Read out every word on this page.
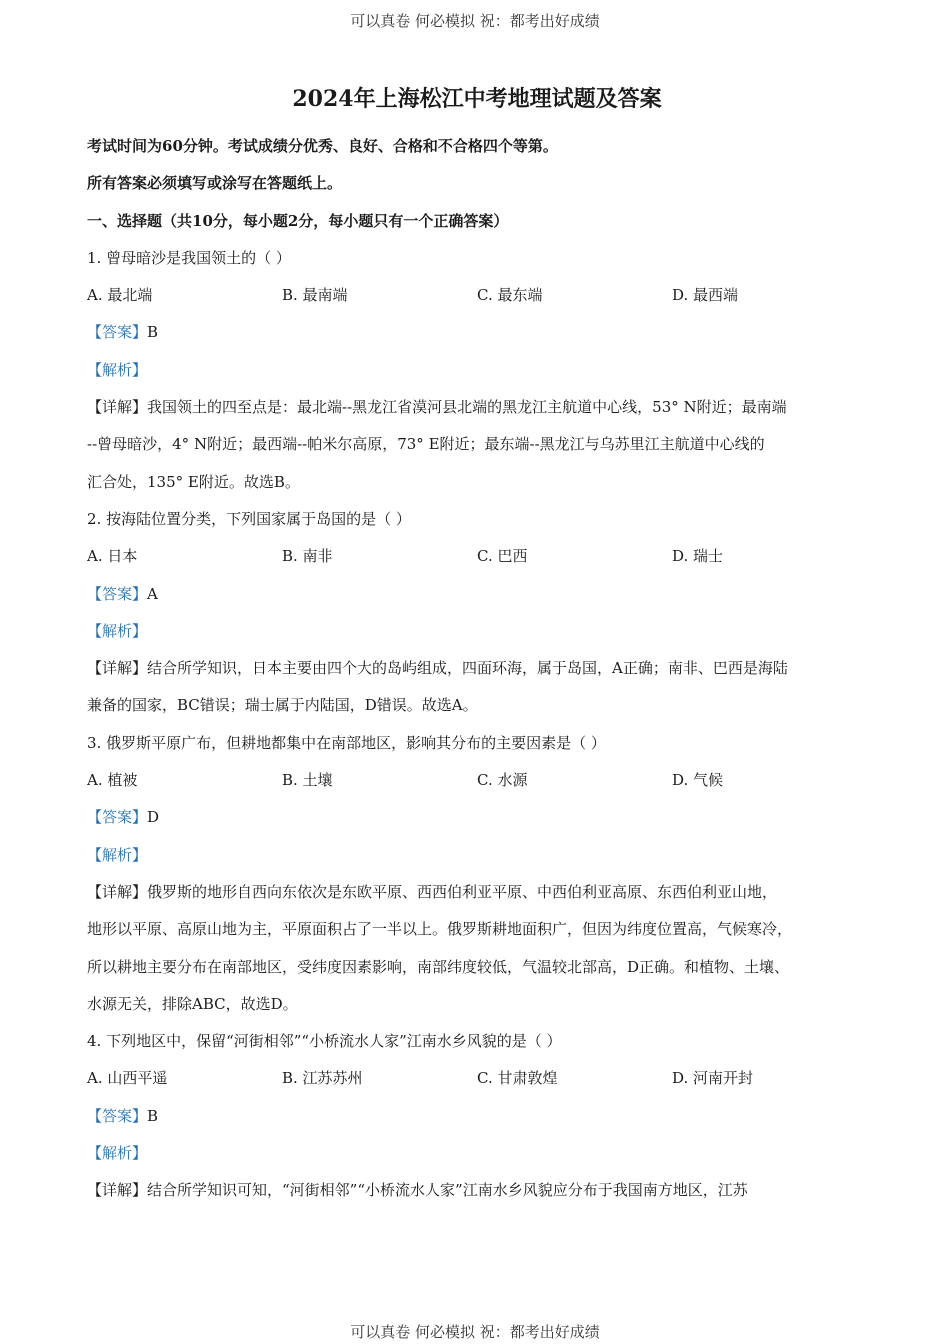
可以真卷 何必模拟 祝：都考出好成绩
2024年上海松江中考地理试题及答案
考试时间为60分钟。考试成绩分优秀、良好、合格和不合格四个等第。
所有答案必须填写或涂写在答题纸上。
一、选择题（共10分，每小题2分，每小题只有一个正确答案）
1. 曾母暗沙是我国领土的（ ）
A. 最北端	B. 最南端	C. 最东端	D. 最西端
【答案】B
【解析】
【详解】我国领土的四至点是：最北端--黑龙江省漠河县北端的黑龙江主航道中心线，53° N附近；最南端
--曾母暗沙，4° N附近；最西端--帕米尔高原，73° E附近；最东端--黑龙江与乌苏里江主航道中心线的
汇合处，135° E附近。故选B。
2. 按海陆位置分类，下列国家属于岛国的是（ ）
A. 日本	B. 南非	C. 巴西	D. 瑞士
【答案】A
【解析】
【详解】结合所学知识，日本主要由四个大的岛屿组成，四面环海，属于岛国，A正确；南非、巴西是海陆
兼备的国家，BC错误；瑞士属于内陆国，D错误。故选A。
3. 俄罗斯平原广布，但耕地都集中在南部地区，影响其分布的主要因素是（ ）
A. 植被	B. 土壤	C. 水源	D. 气候
【答案】D
【解析】
【详解】俄罗斯的地形自西向东依次是东欧平原、西西伯利亚平原、中西伯利亚高原、东西伯利亚山地，
地形以平原、高原山地为主，平原面积占了一半以上。俄罗斯耕地面积广，但因为纬度位置高，气候寒冷，
所以耕地主要分布在南部地区，受纬度因素影响，南部纬度较低，气温较北部高，D正确。和植物、土壤、
水源无关，排除ABC，故选D。
4. 下列地区中，保留“河街相邻”“小桥流水人家”江南水乡风貌的是（ ）
A. 山西平遥	B. 江苏苏州	C. 甘肃敦煌	D. 河南开封
【答案】B
【解析】
【详解】结合所学知识可知，“河街相邻”“小桥流水人家”江南水乡风貌应分布于我国南方地区，江苏
可以真卷 何必模拟 祝：都考出好成绩
